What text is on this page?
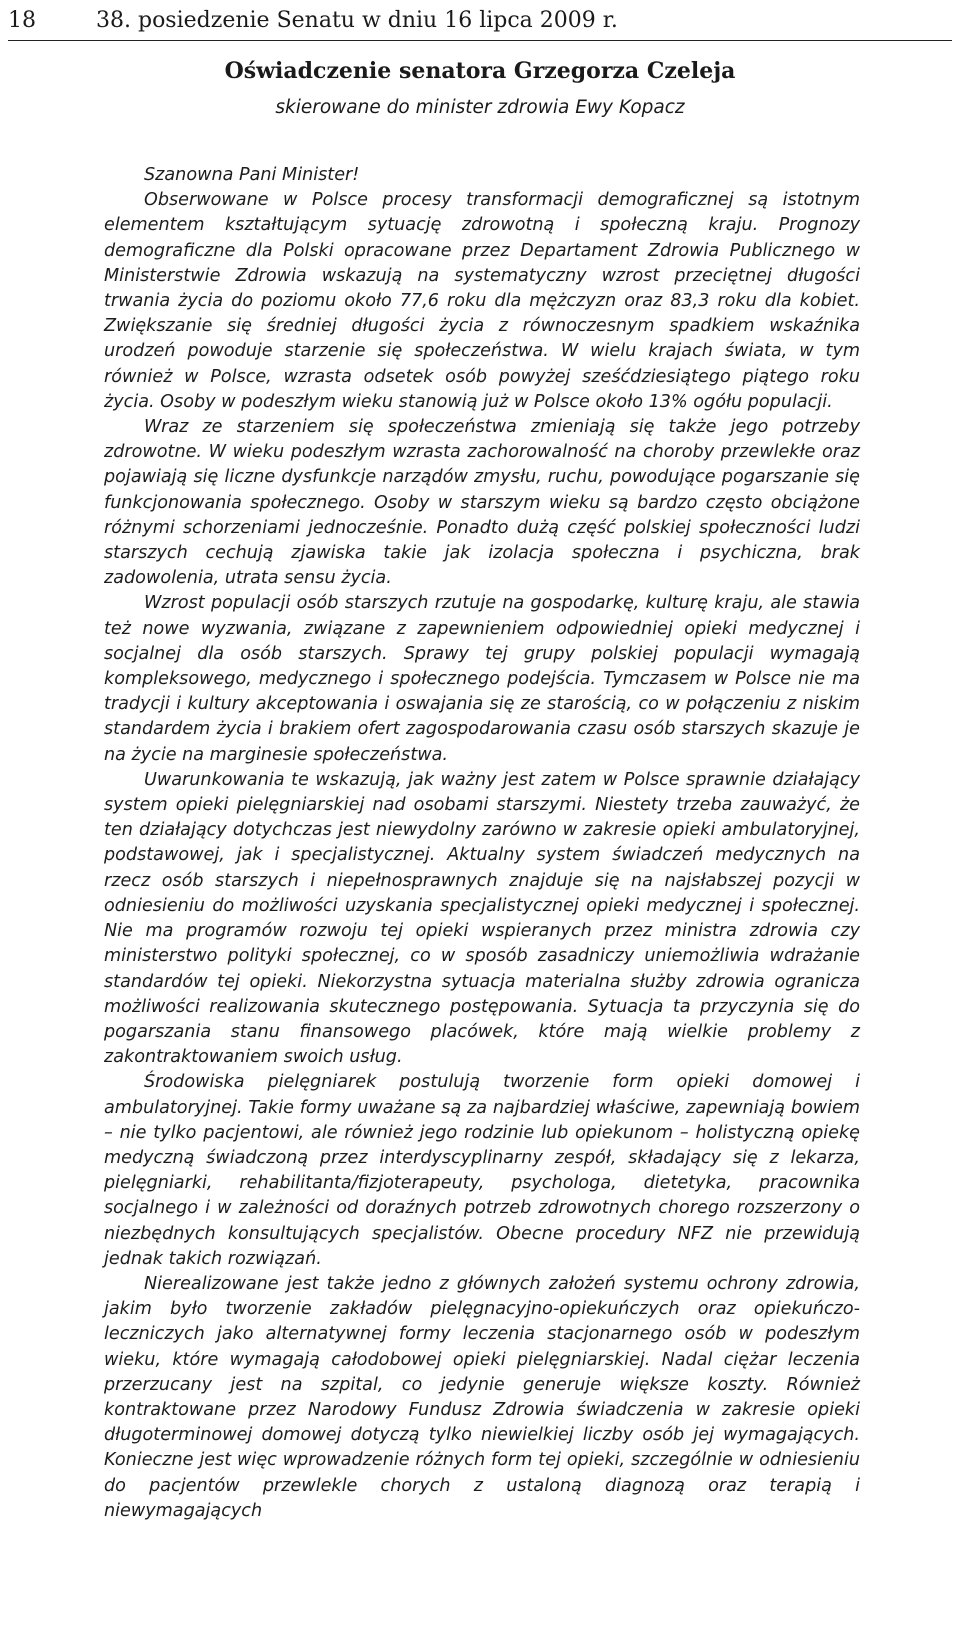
18	38. posiedzenie Senatu w dniu 16 lipca 2009 r.
Oświadczenie senatora Grzegorza Czeleja
skierowane do minister zdrowia Ewy Kopacz

Szanowna Pani Minister!

Obserwowane w Polsce procesy transformacji demograficznej są istotnym elementem kształtującym sytuację zdrowotną i społeczną kraju. Prognozy demograficzne dla Polski opracowane przez Departament Zdrowia Publicznego w Ministerstwie Zdrowia wskazują na systematyczny wzrost przeciętnej długości trwania życia do poziomu około 77,6 roku dla mężczyzn oraz 83,3 roku dla kobiet. Zwiększanie się średniej długości życia z równoczesnym spadkiem wskaźnika urodzeń powoduje starzenie się społeczeństwa. W wielu krajach świata, w tym również w Polsce, wzrasta odsetek osób powyżej sześćdziesiątego piątego roku życia. Osoby w podeszłym wieku stanowią już w Polsce około 13% ogółu populacji.

Wraz ze starzeniem się społeczeństwa zmieniają się także jego potrzeby zdrowotne. W wieku podeszłym wzrasta zachorowalność na choroby przewlekłe oraz pojawiają się liczne dysfunkcje narządów zmysłu, ruchu, powodujące pogarszanie się funkcjonowania społecznego. Osoby w starszym wieku są bardzo często obciążone różnymi schorzeniami jednocześnie. Ponadto dużą część polskiej społeczności ludzi starszych cechują zjawiska takie jak izolacja społeczna i psychiczna, brak zadowolenia, utrata sensu życia.

Wzrost populacji osób starszych rzutuje na gospodarkę, kulturę kraju, ale stawia też nowe wyzwania, związane z zapewnieniem odpowiedniej opieki medycznej i socjalnej dla osób starszych. Sprawy tej grupy polskiej populacji wymagają kompleksowego, medycznego i społecznego podejścia. Tymczasem w Polsce nie ma tradycji i kultury akceptowania i oswajania się ze starością, co w połączeniu z niskim standardem życia i brakiem ofert zagospodarowania czasu osób starszych skazuje je na życie na marginesie społeczeństwa.

Uwarunkowania te wskazują, jak ważny jest zatem w Polsce sprawnie działający system opieki pielęgniarskiej nad osobami starszymi. Niestety trzeba zauważyć, że ten działający dotychczas jest niewydolny zarówno w zakresie opieki ambulatoryjnej, podstawowej, jak i specjalistycznej. Aktualny system świadczeń medycznych na rzecz osób starszych i niepełnosprawnych znajduje się na najsłabszej pozycji w odniesieniu do możliwości uzyskania specjalistycznej opieki medycznej i społecznej. Nie ma programów rozwoju tej opieki wspieranych przez ministra zdrowia czy ministerstwo polityki społecznej, co w sposób zasadniczy uniemożliwia wdrażanie standardów tej opieki. Niekorzystna sytuacja materialna służby zdrowia ogranicza możliwości realizowania skutecznego postępowania. Sytuacja ta przyczynia się do pogarszania stanu finansowego placówek, które mają wielkie problemy z zakontraktowaniem swoich usług.

Środowiska pielęgniarek postulują tworzenie form opieki domowej i ambulatoryjnej. Takie formy uważane są za najbardziej właściwe, zapewniają bowiem – nie tylko pacjentowi, ale również jego rodzinie lub opiekunom – holistyczną opiekę medyczną świadczoną przez interdyscyplinarny zespół, składający się z lekarza, pielęgniarki, rehabilitanta/fizjoterapeuty, psychologa, dietetyka, pracownika socjalnego i w zależności od doraźnych potrzeb zdrowotnych chorego rozszerzony o niezbędnych konsultujących specjalistów. Obecne procedury NFZ nie przewidują jednak takich rozwiązań.

Nierealizowane jest także jedno z głównych założeń systemu ochrony zdrowia, jakim było tworzenie zakładów pielęgnacyjno-opiekuńczych oraz opiekuńczo-leczniczych jako alternatywnej formy leczenia stacjonarnego osób w podeszłym wieku, które wymagają całodobowej opieki pielęgniarskiej. Nadal ciężar leczenia przerzucany jest na szpital, co jedynie generuje większe koszty. Również kontraktowane przez Narodowy Fundusz Zdrowia świadczenia w zakresie opieki długoterminowej domowej dotyczą tylko niewielkiej liczby osób jej wymagających. Konieczne jest więc wprowadzenie różnych form tej opieki, szczególnie w odniesieniu do pacjentów przewlekle chorych z ustaloną diagnozą oraz terapią i niewymagających
